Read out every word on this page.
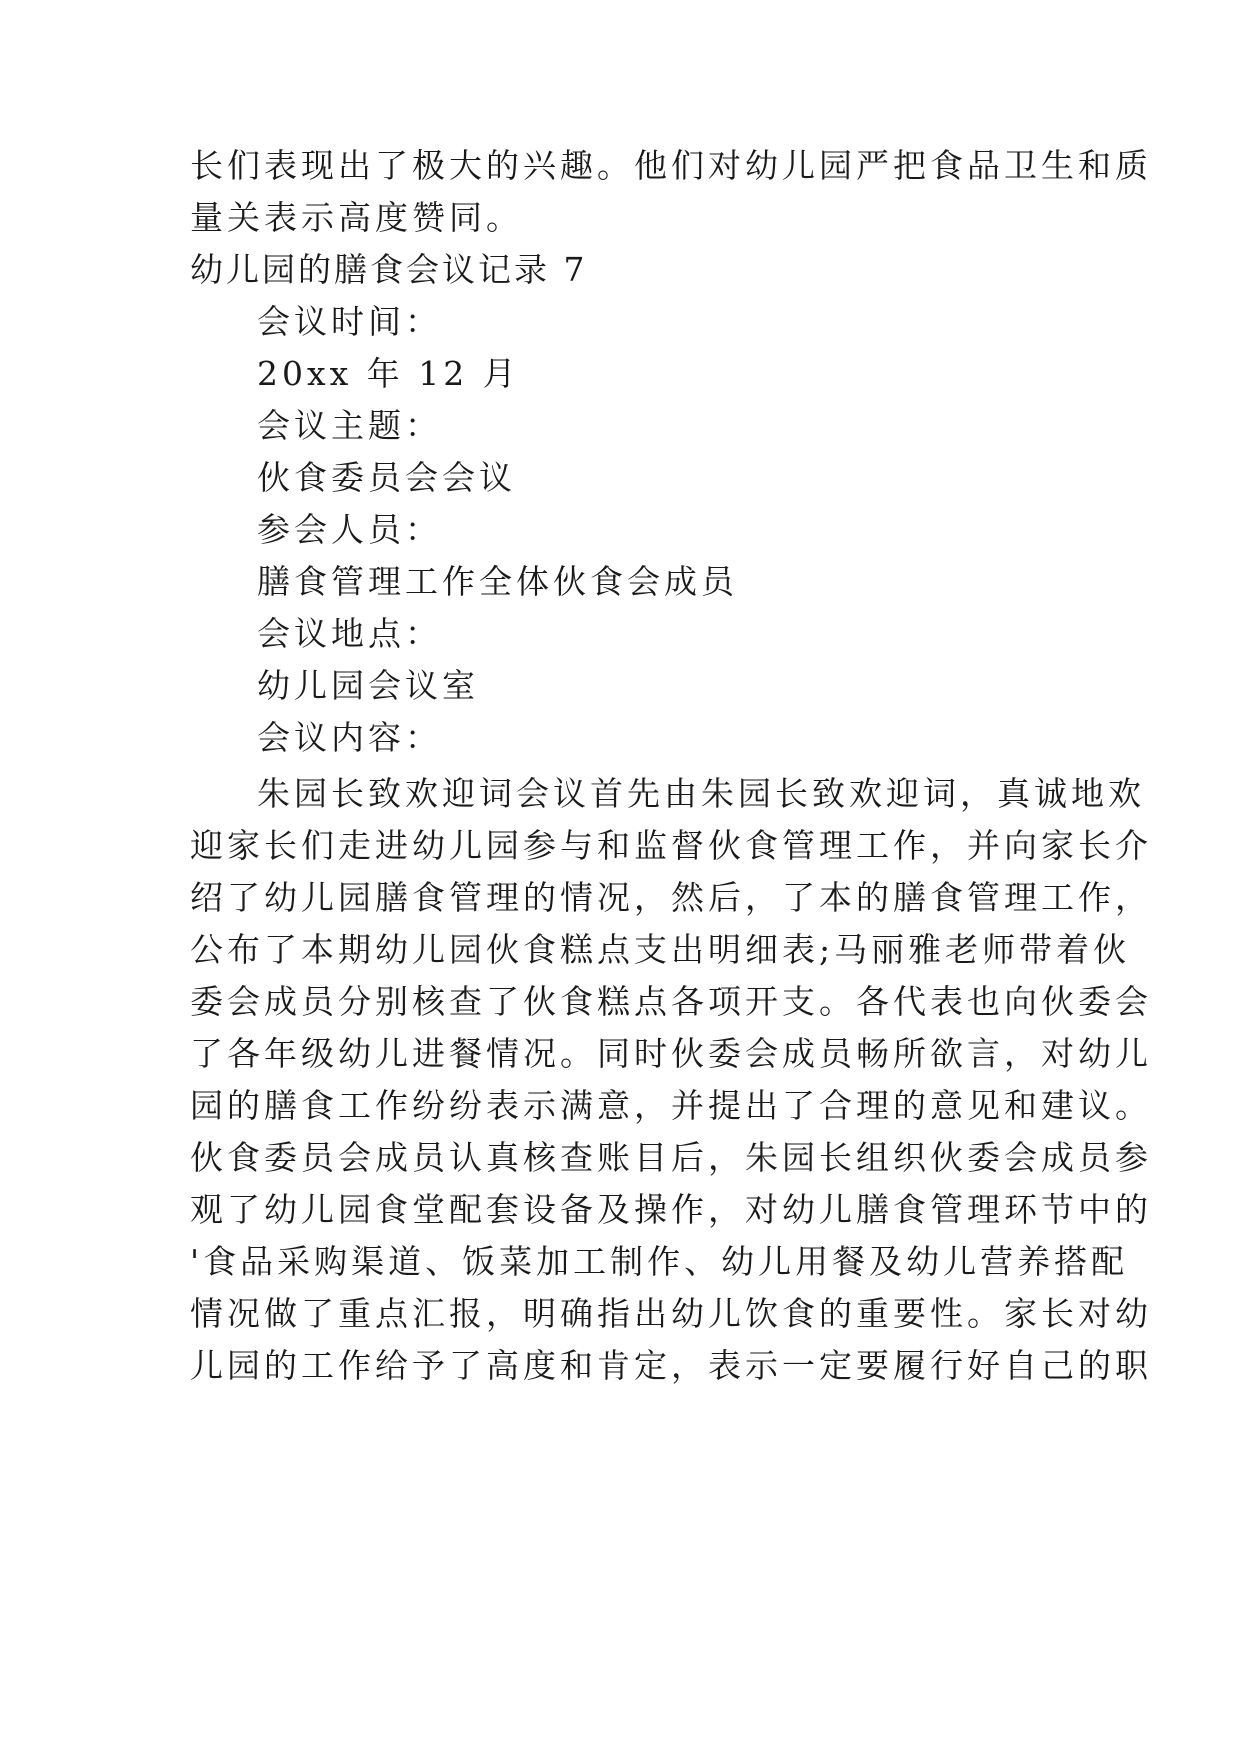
长们表现出了极大的兴趣。他们对幼儿园严把食品卫生和质
量关表示高度赞同。
幼儿园的膳食会议记录 7
会议时间：
20xx 年 12 月
会议主题：
伙食委员会会议
参会人员：
膳食管理工作全体伙食会成员
会议地点：
幼儿园会议室
会议内容：
朱园长致欢迎词会议首先由朱园长致欢迎词，真诚地欢
迎家长们走进幼儿园参与和监督伙食管理工作，并向家长介
绍了幼儿园膳食管理的情况，然后，了本的膳食管理工作，
公布了本期幼儿园伙食糕点支出明细表;马丽雅老师带着伙
委会成员分别核查了伙食糕点各项开支。各代表也向伙委会
了各年级幼儿进餐情况。同时伙委会成员畅所欲言，对幼儿
园的膳食工作纷纷表示满意，并提出了合理的意见和建议。
伙食委员会成员认真核查账目后，朱园长组织伙委会成员参
观了幼儿园食堂配套设备及操作，对幼儿膳食管理环节中的
'食品采购渠道、饭菜加工制作、幼儿用餐及幼儿营养搭配
情况做了重点汇报，明确指出幼儿饮食的重要性。家长对幼
儿园的工作给予了高度和肯定，表示一定要履行好自己的职
